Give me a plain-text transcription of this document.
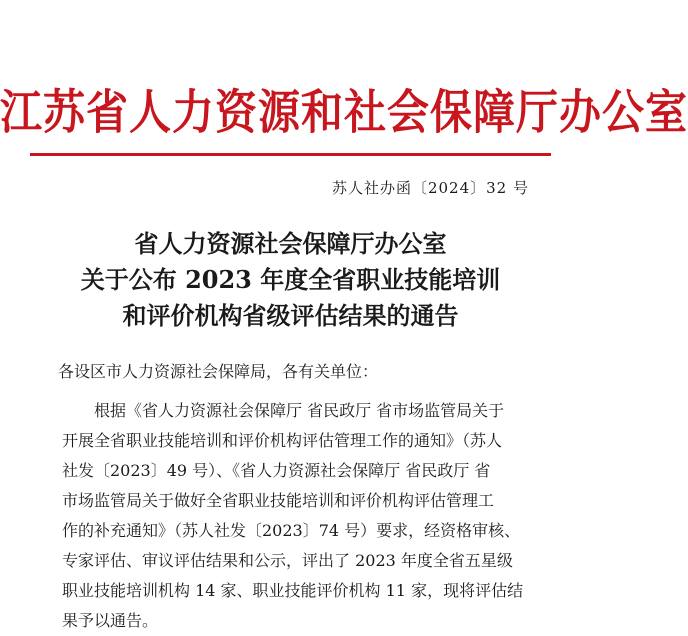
江苏省人力资源和社会保障厅办公室
苏人社办函〔2024〕32 号
省人力资源社会保障厅办公室
关于公布 2023 年度全省职业技能培训
和评价机构省级评估结果的通告
各设区市人力资源社会保障局，各有关单位：
根据《省人力资源社会保障厅 省民政厅 省市场监管局关于
开展全省职业技能培训和评价机构评估管理工作的通知》（苏人
社发〔2023〕49 号）、《省人力资源社会保障厅 省民政厅 省
市场监管局关于做好全省职业技能培训和评价机构评估管理工
作的补充通知》（苏人社发〔2023〕74 号）要求，经资格审核、
专家评估、审议评估结果和公示，评出了 2023 年度全省五星级
职业技能培训机构 14 家、职业技能评价机构 11 家，现将评估结
果予以通告。
